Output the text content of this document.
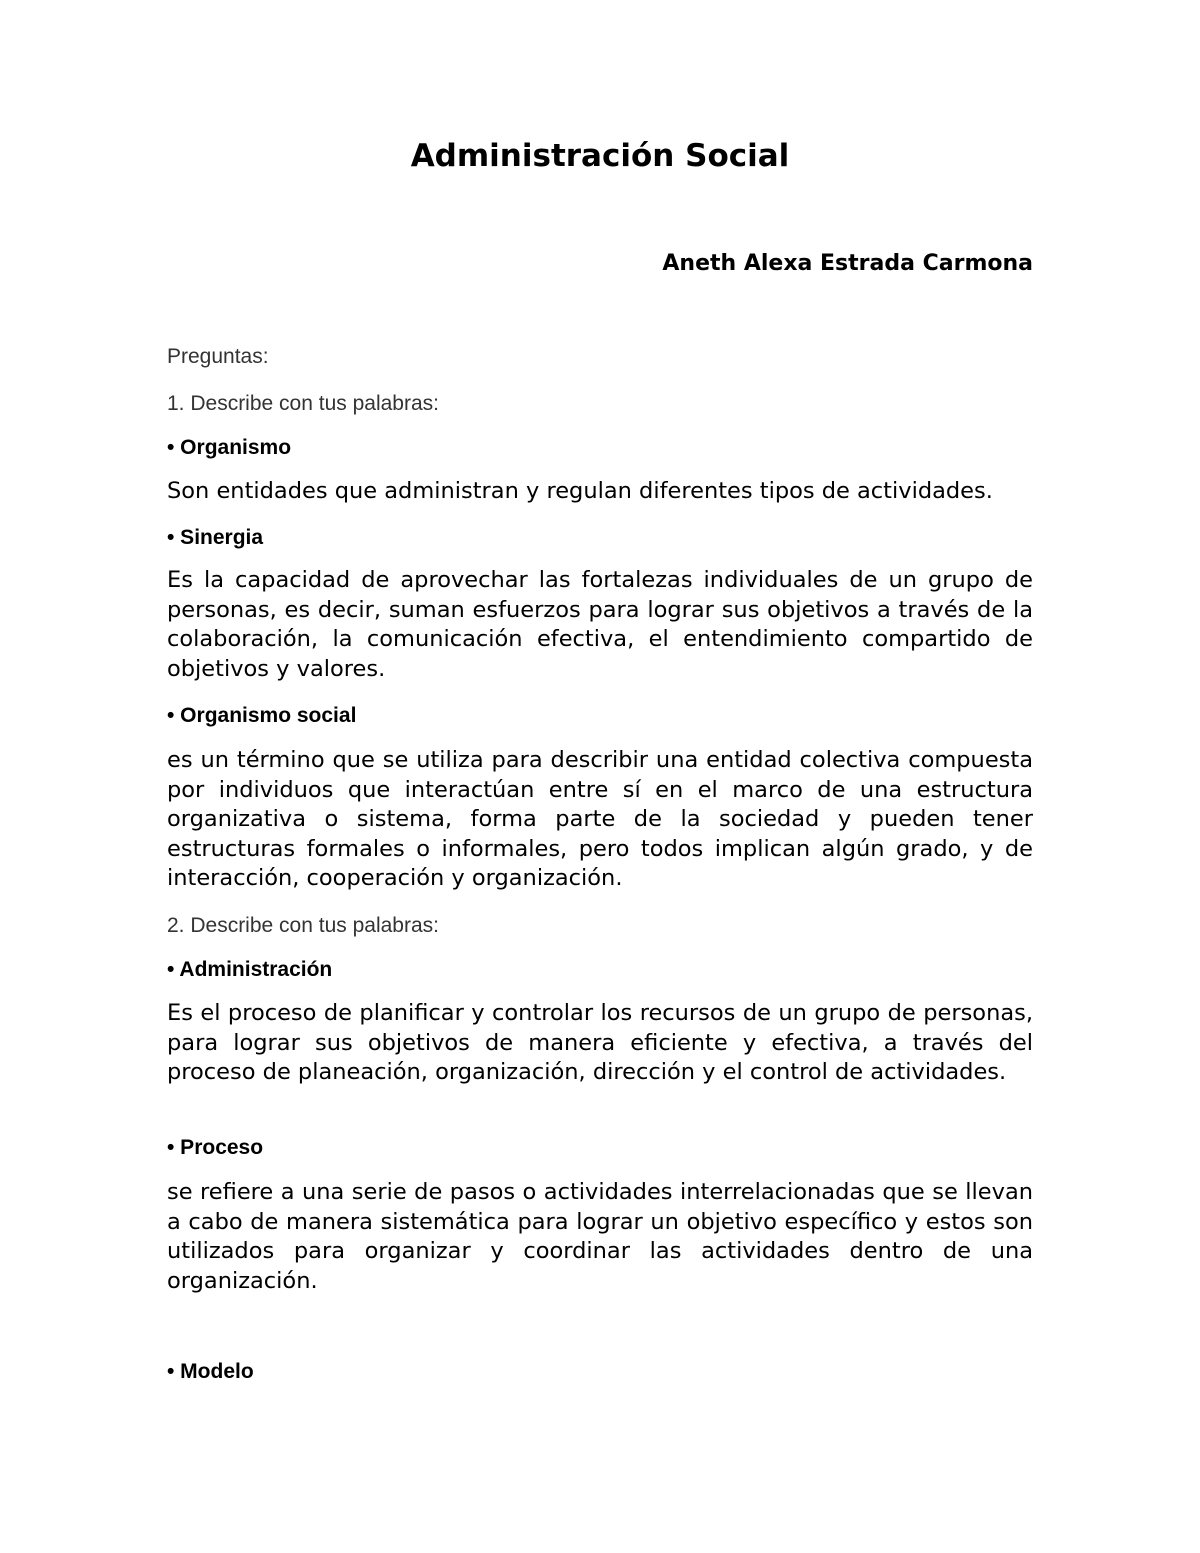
Administración Social

Aneth Alexa Estrada Carmona

Preguntas:

1. Describe con tus palabras:

• Organismo

Son entidades que administran y regulan diferentes tipos de actividades.

• Sinergia

Es la capacidad de aprovechar las fortalezas individuales de un grupo de personas, es decir, suman esfuerzos para lograr sus objetivos a través de la colaboración, la comunicación efectiva, el entendimiento compartido de objetivos y valores.

• Organismo social

es un término que se utiliza para describir una entidad colectiva compuesta por individuos que interactúan entre sí en el marco de una estructura organizativa o sistema, forma parte de la sociedad y pueden tener estructuras formales o informales, pero todos implican algún grado, y de interacción, cooperación y organización.

2. Describe con tus palabras:

• Administración

Es el proceso de planificar y controlar los recursos de un grupo de personas, para lograr sus objetivos de manera eficiente y efectiva, a través del proceso de planeación, organización, dirección y el control de actividades.

• Proceso

se refiere a una serie de pasos o actividades interrelacionadas que se llevan a cabo de manera sistemática para lograr un objetivo específico y estos son utilizados para organizar y coordinar las actividades dentro de una organización.

• Modelo
